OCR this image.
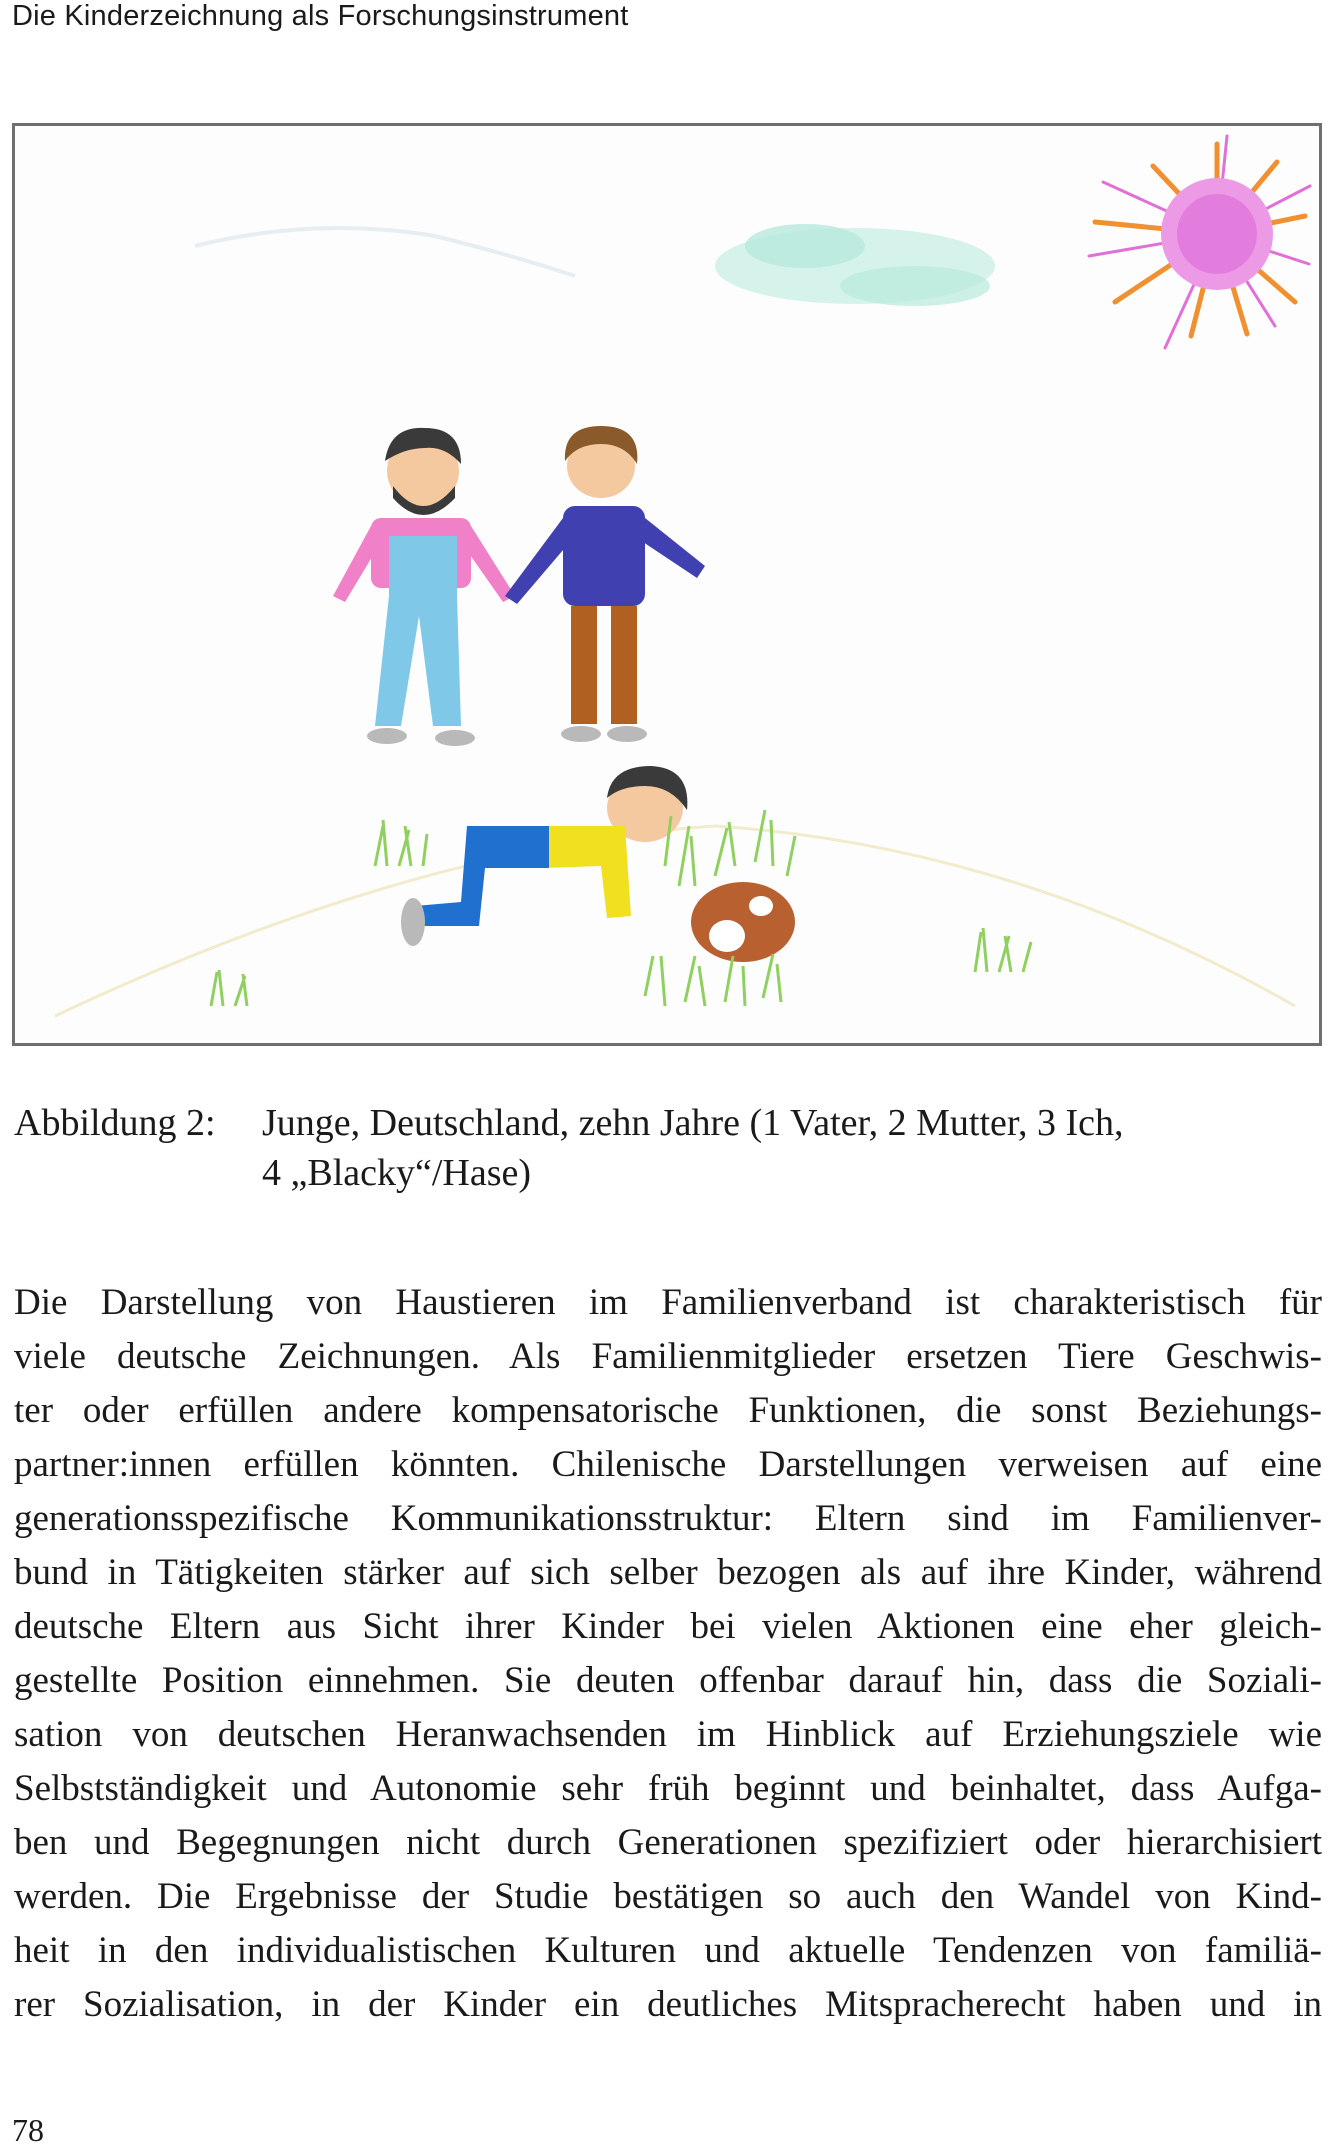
Die Kinderzeichnung als Forschungsinstrument
Abbildung 2: Junge, Deutschland, zehn Jahre (1 Vater, 2 Mutter, 3 Ich,
4 „Blacky“/Hase)
Die Darstellung von Haustieren im Familienverband ist charakteristisch für
viele deutsche Zeichnungen. Als Familienmitglieder ersetzen Tiere Geschwis-
ter oder erfüllen andere kompensatorische Funktionen, die sonst Beziehungs-
partner:innen erfüllen könnten. Chilenische Darstellungen verweisen auf eine
generationsspezifische Kommunikationsstruktur: Eltern sind im Familienver-
bund in Tätigkeiten stärker auf sich selber bezogen als auf ihre Kinder, während
deutsche Eltern aus Sicht ihrer Kinder bei vielen Aktionen eine eher gleich-
gestellte Position einnehmen. Sie deuten offenbar darauf hin, dass die Soziali-
sation von deutschen Heranwachsenden im Hinblick auf Erziehungsziele wie
Selbstständigkeit und Autonomie sehr früh beginnt und beinhaltet, dass Aufga-
ben und Begegnungen nicht durch Generationen spezifiziert oder hierarchisiert
werden. Die Ergebnisse der Studie bestätigen so auch den Wandel von Kind-
heit in den individualistischen Kulturen und aktuelle Tendenzen von familiä-
rer Sozialisation, in der Kinder ein deutliches Mitspracherecht haben und in
78
